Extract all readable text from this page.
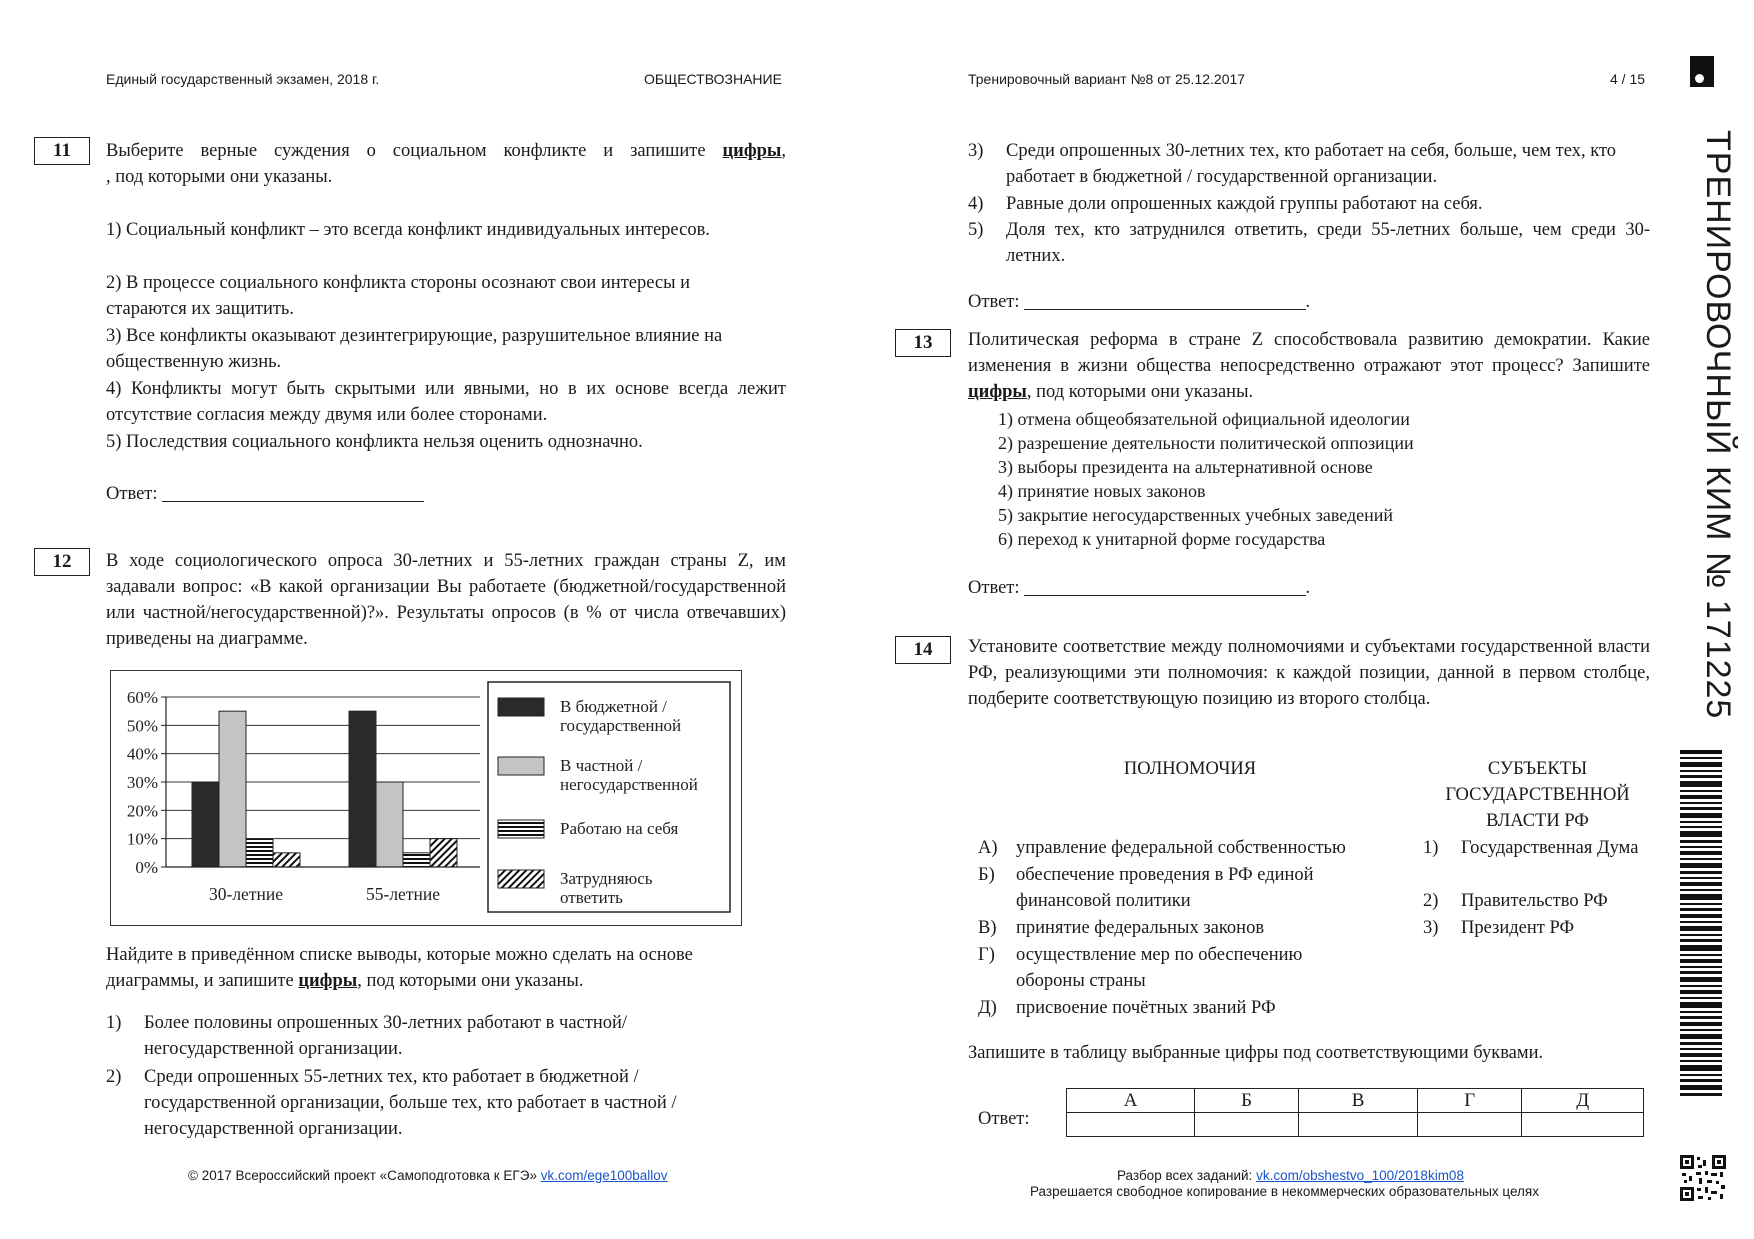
Единый государственный экзамен, 2018 г.	ОБЩЕСТВОЗНАНИЕ	Тренировочный вариант №8 от 25.12.2017	4 / 15
ТРЕНИРОВОЧНЫЙ КИМ № 171225
11	Выберите верные суждения о социальном конфликте и запишите цифры,
, под которыми они указаны.
1) Социальный конфликт – это всегда конфликт индивидуальных интересов.
2) В процессе социального конфликта стороны осознают свои интересы и стараются их защитить.
3) Все конфликты оказывают дезинтегрирующие, разрушительное влияние на общественную жизнь.
4) Конфликты могут быть скрытыми или явными, но в их основе всегда лежит отсутствие согласия между двумя или более сторонами.
5) Последствия социального конфликта нельзя оценить однозначно.
Ответ:
12	В ходе социологического опроса 30-летних и 55-летних граждан страны Z, им задавали вопрос: «В какой организации Вы работаете (бюджетной/государственной или частной/негосударственной)?». Результаты опросов (в % от числа отвечавших) приведены на диаграмме.
0%
10%
20%
30%
40%
50%
60%
30-летние	55-летние
В бюджетной / государственной
В частной / негосударственной
Работаю на себя
Затрудняюсь ответить
Найдите в приведённом списке выводы, которые можно сделать на основе диаграммы, и запишите цифры, под которыми они указаны.
1) Более половины опрошенных 30-летних работают в частной/ негосударственной организации.
2) Среди опрошенных 55-летних тех, кто работает в бюджетной / государственной организации, больше тех, кто работает в частной / негосударственной организации.
3) Среди опрошенных 30-летних тех, кто работает на себя, больше, чем тех, кто работает в бюджетной / государственной организации.
4) Равные доли опрошенных каждой группы работают на себя.
5) Доля тех, кто затруднился ответить, среди 55-летних больше, чем среди 30-летних.
Ответ:	.
13	Политическая реформа в стране Z способствовала развитию демократии. Какие изменения в жизни общества непосредственно отражают этот процесс? Запишите цифры, под которыми они указаны.
1) отмена общеобязательной официальной идеологии
2) разрешение деятельности политической оппозиции
3) выборы президента на альтернативной основе
4) принятие новых законов
5) закрытие негосударственных учебных заведений
6) переход к унитарной форме государства
Ответ:	.
14	Установите соответствие между полномочиями и субъектами государственной власти РФ, реализующими эти полномочия: к каждой позиции, данной в первом столбце, подберите соответствующую позицию из второго столбца.
ПОЛНОМОЧИЯ	СУБЪЕКТЫ ГОСУДАРСТВЕННОЙ ВЛАСТИ РФ
А) управление федеральной собственностью
Б) обеспечение проведения в РФ единой финансовой политики
В) принятие федеральных законов
Г) осуществление мер по обеспечению обороны страны
Д) присвоение почётных званий РФ
1) Государственная Дума
2) Правительство РФ
3) Президент РФ
Запишите в таблицу выбранные цифры под соответствующими буквами.
Ответ:
А	Б	В	Г	Д

© 2017 Всероссийский проект «Самоподготовка к ЕГЭ» vk.com/ege100ballov	Разбор всех заданий: vk.com/obshestvo_100/2018kim08
Разрешается свободное копирование в некоммерческих образовательных целях
